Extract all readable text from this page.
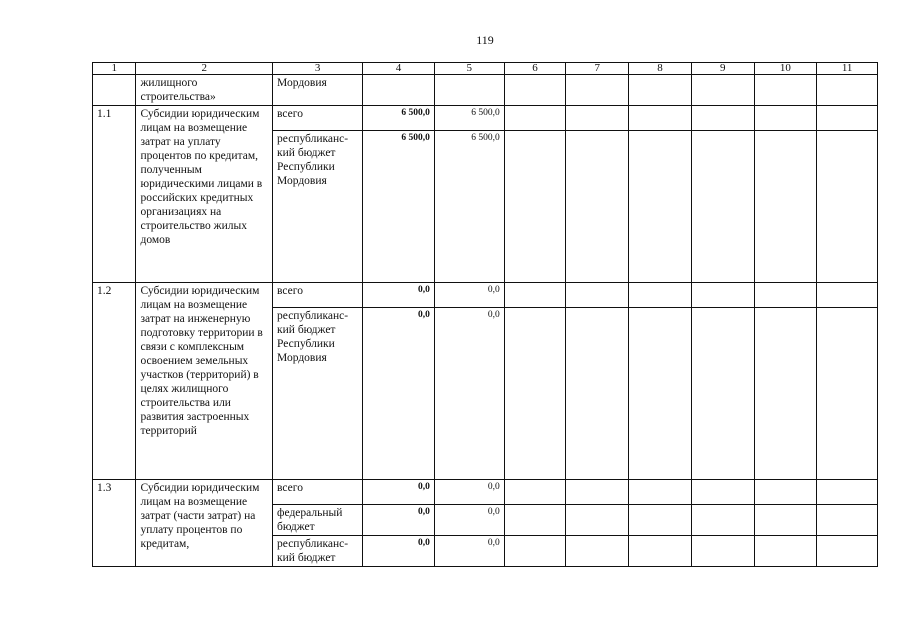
119
1	2	3	4	5	6	7	8	9	10	11
	жилищного строительства»	Мордовия								
1.1	Субсидии юридическим лицам на возмещение затрат на уплату процентов по кредитам, полученным юридическими лицами в российских кредитных организациях на строительство жилых домов	всего	6 500,0	6 500,0						
		республиканс-кий бюджет Республики Мордовия	6 500,0	6 500,0						
1.2	Субсидии юридическим лицам на возмещение затрат на инженерную подготовку территории в связи с комплексным освоением земельных участков (территорий) в целях жилищного строительства или развития застроенных территорий	всего	0,0	0,0						
		республиканс-кий бюджет Республики Мордовия	0,0	0,0						
1.3	Субсидии юридическим лицам на возмещение затрат (части затрат) на уплату процентов по кредитам,	всего	0,0	0,0						
		федеральный бюджет	0,0	0,0						
		республиканс-кий бюджет	0,0	0,0						
